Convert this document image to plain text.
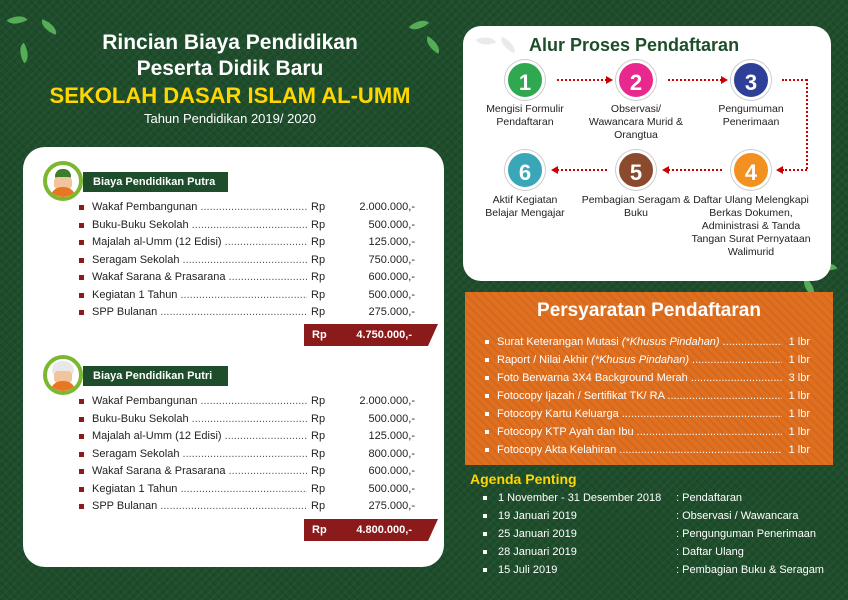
Rincian Biaya Pendidikan
Peserta Didik Baru
SEKOLAH DASAR ISLAM AL-UMM
Tahun Pendidikan 2019/ 2020
Biaya Pendidikan Putra
Wakaf Pembangunan .....	Rp	2.000.000,-
Buku-Buku Sekolah .....	Rp	500.000,-
Majalah al-Umm (12 Edisi) .....	Rp	125.000,-
Seragam Sekolah .....	Rp	750.000,-
Wakaf Sarana & Prasarana .....	Rp	600.000,-
Kegiatan 1 Tahun .....	Rp	500.000,-
SPP Bulanan .....	Rp	275.000,-
Rp	4.750.000,-
Biaya Pendidikan Putri
Wakaf Pembangunan .....	Rp	2.000.000,-
Buku-Buku Sekolah .....	Rp	500.000,-
Majalah al-Umm (12 Edisi) .....	Rp	125.000,-
Seragam Sekolah .....	Rp	800.000,-
Wakaf Sarana & Prasarana .....	Rp	600.000,-
Kegiatan 1 Tahun .....	Rp	500.000,-
SPP Bulanan .....	Rp	275.000,-
Rp	4.800.000,-
Alur Proses Pendaftaran
1	2	3
4
5
6
Mengisi Formulir Pendaftaran
Observasi/ Wawancara Murid & Orangtua
Pengumuman Penerimaan
Daftar Ulang Melengkapi Berkas Dokumen, Administrasi & Tanda Tangan Surat Pernyataan Walimurid
Pembagian Seragam & Buku
Aktif Kegiatan Belajar Mengajar
Persyaratan Pendaftaran
Surat Keterangan Mutasi (*Khusus Pindahan) .....	1 lbr
Raport / Nilai Akhir (*Khusus Pindahan) .....	1 lbr
Foto Berwarna 3X4 Background Merah .....	3 lbr
Fotocopy Ijazah / Sertifikat TK/ RA .....	1 lbr
Fotocopy Kartu Keluarga .....	1 lbr
Fotocopy KTP Ayah dan Ibu .....	1 lbr
Fotocopy Akta Kelahiran .....	1 lbr
Agenda Penting
1 November - 31 Desember 2018 : Pendaftaran
19 Januari 2019	: Observasi / Wawancara
25 Januari 2019	: Pengunguman Penerimaan
28 Januari 2019	: Daftar Ulang
15 Juli 2019	: Pembagian Buku & Seragam
